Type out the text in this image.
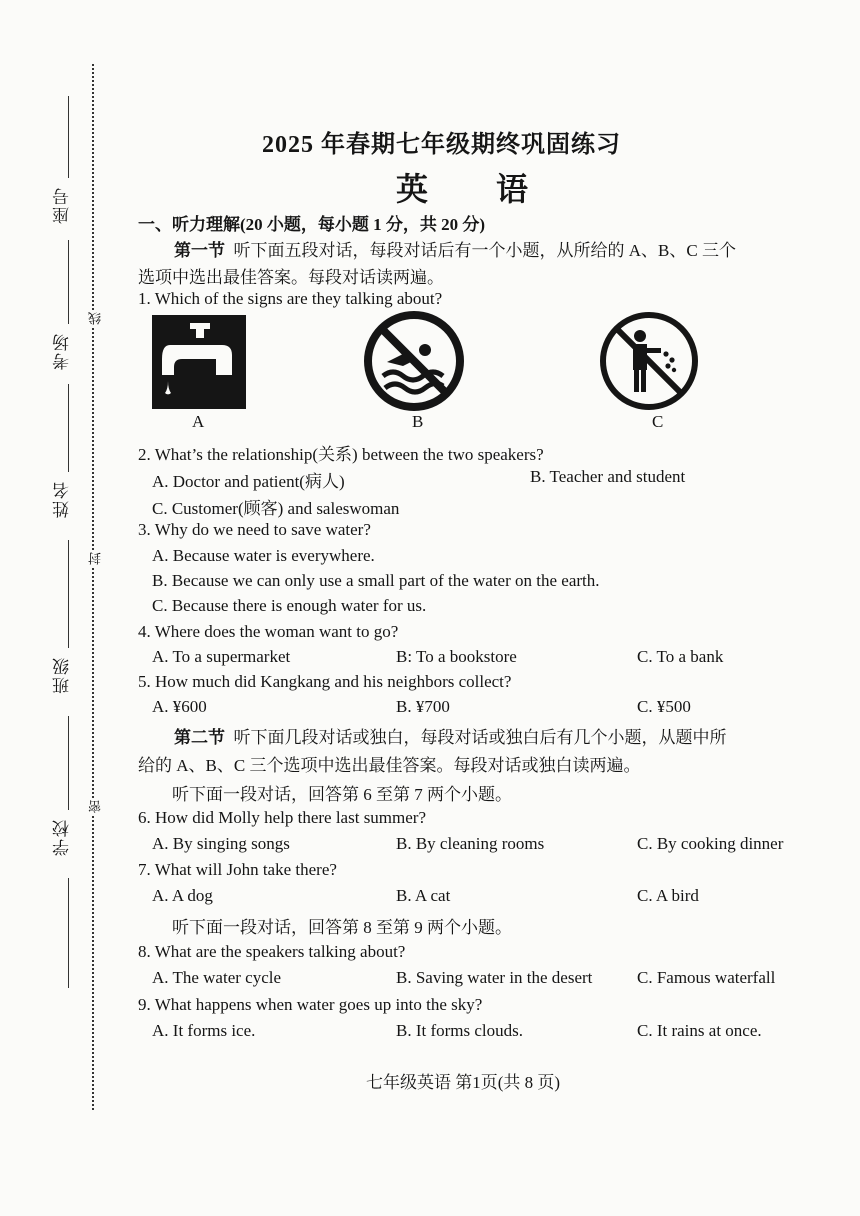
座号
考场
姓名
班级
学校
线
封
密
2025 年春期七年级期终巩固练习
英 语
一、听力理解(20 小题，每小题 1 分，共 20 分)
第一节 听下面五段对话，每段对话后有一个小题，从所给的 A、B、C 三个
选项中选出最佳答案。每段对话读两遍。
1. Which of the signs are they talking about?
A	B	C
2. What’s the relationship(关系) between the two speakers?
A. Doctor and patient(病人)	B. Teacher and student
C. Customer(顾客) and saleswoman
3. Why do we need to save water?
A. Because water is everywhere.
B. Because we can only use a small part of the water on the earth.
C. Because there is enough water for us.
4. Where does the woman want to go?
A. To a supermarket	B: To a bookstore	C. To a bank
5. How much did Kangkang and his neighbors collect?
A. ¥600	B. ¥700	C. ¥500
第二节 听下面几段对话或独白，每段对话或独白后有几个小题，从题中所
给的 A、B、C 三个选项中选出最佳答案。每段对话或独白读两遍。
听下面一段对话，回答第 6 至第 7 两个小题。
6. How did Molly help there last summer?
A. By singing songs	B. By cleaning rooms	C. By cooking dinner
7. What will John take there?
A. A dog	B. A cat	C. A bird
听下面一段对话，回答第 8 至第 9 两个小题。
8. What are the speakers talking about?
A. The water cycle	B. Saving water in the desert	C. Famous waterfall
9. What happens when water goes up into the sky?
A. It forms ice.	B. It forms clouds.	C. It rains at once.
七年级英语 第1页(共 8 页)
